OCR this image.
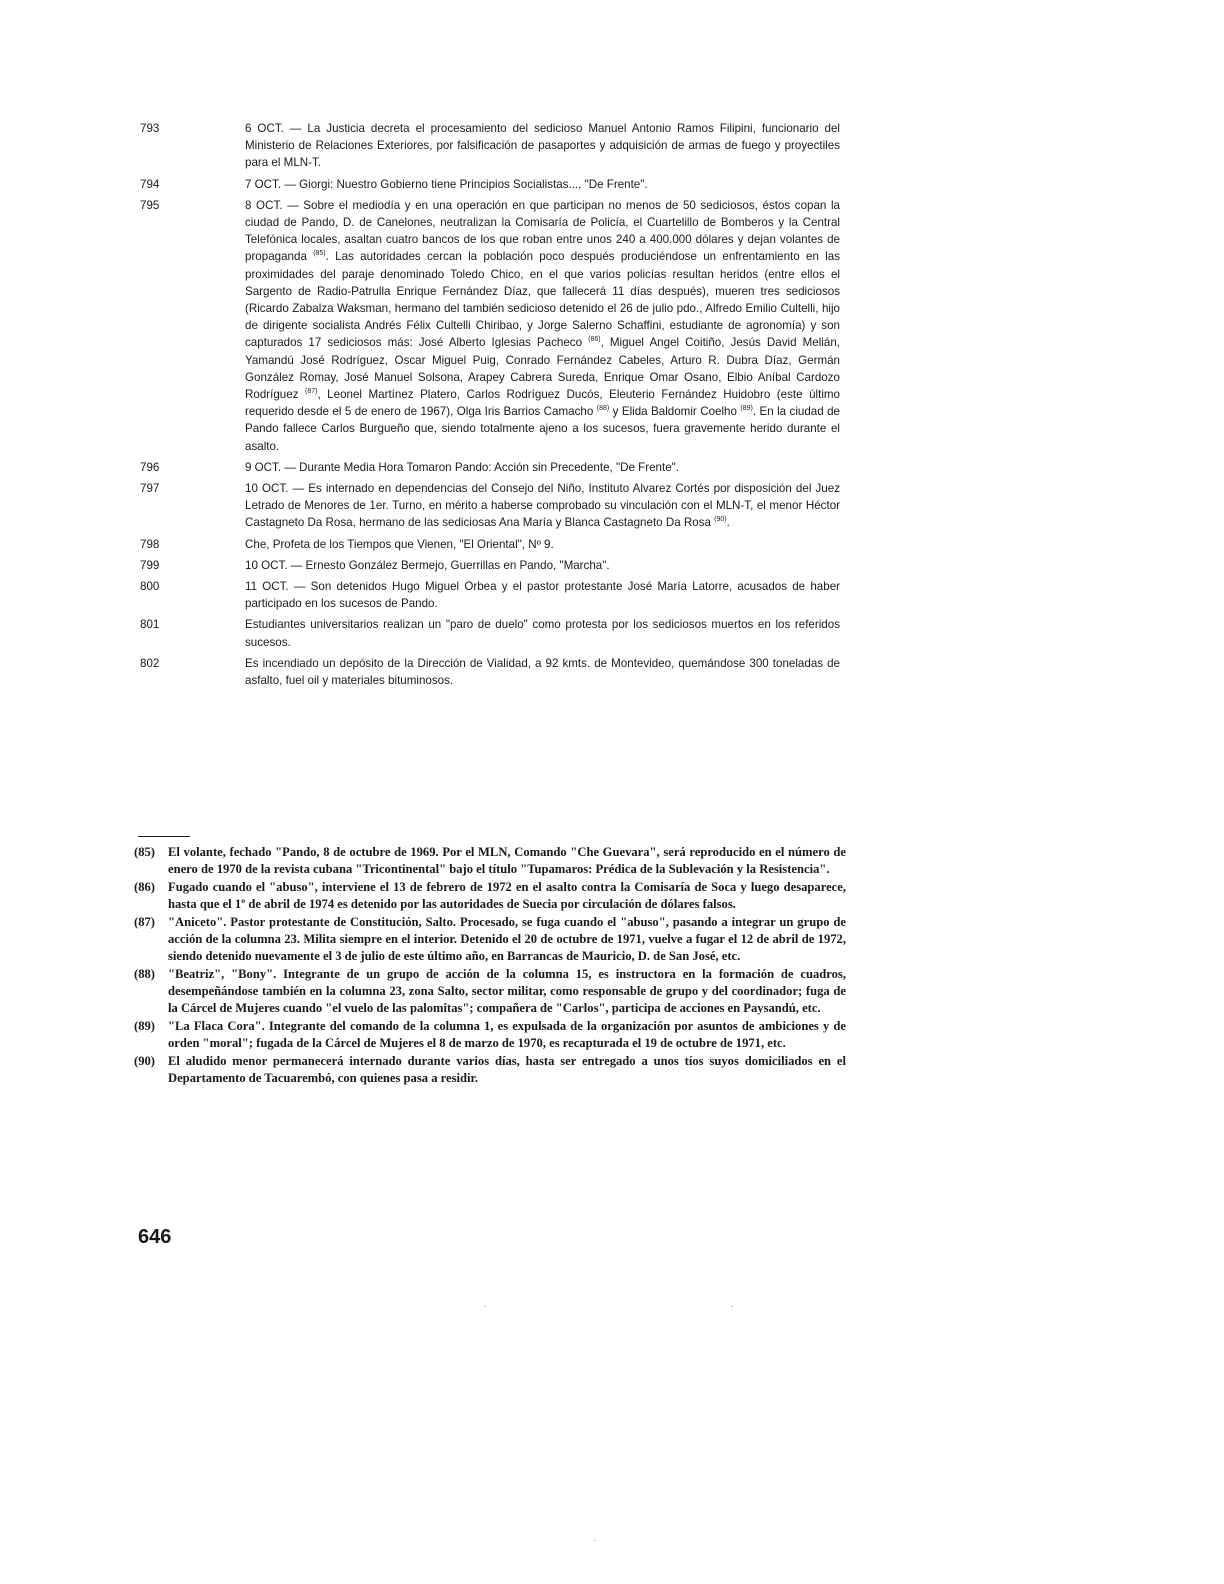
793	6 OCT. — La Justicia decreta el procesamiento del sedicioso Manuel Antonio Ramos Filipini, funcionario del Ministerio de Relaciones Exteriores, por falsificación de pasaportes y adquisición de armas de fuego y proyectiles para el MLN-T.
794	7 OCT. — Giorgi: Nuestro Gobierno tiene Principios Socialistas..., "De Frente".
795	8 OCT. — Sobre el mediodía y en una operación en que participan no menos de 50 sediciosos, éstos copan la ciudad de Pando, D. de Canelones, neutralizan la Comisaría de Policía, el Cuartelillo de Bomberos y la Central Telefónica locales, asaltan cuatro bancos de los que roban entre unos 240 a 400.000 dólares y dejan volantes de propaganda $^{(85)}$. Las autoridades cercan la población poco después produciéndose un enfrentamiento en las proximidades del paraje denominado Toledo Chico, en el que varios policías resultan heridos (entre ellos el Sargento de Radio-Patrulla Enrique Fernández Díaz, que fallecerá 11 días después), mueren tres sediciosos (Ricardo Zabalza Waksman, hermano del también sedicioso detenido el 26 de julio pdo., Alfredo Emilio Cultelli, hijo de dirigente socialista Andrés Félix Cultelli Chiribao, y Jorge Salerno Schaffini, estudiante de agronomía) y son capturados 17 sediciosos más: José Alberto Iglesias Pacheco $^{(86)}$, Miguel Angel Coitiño, Jesús David Melián, Yamandú José Rodríguez, Oscar Miguel Puig, Conrado Fernández Cabeles, Arturo R. Dubra Díaz, Germán González Romay, José Manuel Solsona, Arapey Cabrera Sureda, Enrique Omar Osano, Elbio Aníbal Cardozo Rodríguez $^{(87)}$, Leonel Martínez Platero, Carlos Rodríguez Ducós, Eleuterio Fernández Huidobro (este último requerido desde el 5 de enero de 1967), Olga Iris Barrios Camacho $^{(88)}$ y Elida Baldomir Coelho $^{(89)}$. En la ciudad de Pando fallece Carlos Burgueño que, siendo totalmente ajeno a los sucesos, fuera gravemente herido durante el asalto.
796	9 OCT. — Durante Media Hora Tomaron Pando: Acción sin Precedente, "De Frente".
797	10 OCT. — Es internado en dependencias del Consejo del Niño, Instituto Alvarez Cortés por disposición del Juez Letrado de Menores de 1er. Turno, en mérito a haberse comprobado su vinculación con el MLN-T, el menor Héctor Castagneto Da Rosa, hermano de las sediciosas Ana María y Blanca Castagneto Da Rosa $^{(90)}$.
798	Che, Profeta de los Tiempos que Vienen, "El Oriental", Nº 9.
799	10 OCT. — Ernesto González Bermejo, Guerrillas en Pando, "Marcha".
800	11 OCT. — Son detenidos Hugo Miguel Orbea y el pastor protestante José María Latorre, acusados de haber participado en los sucesos de Pando.
801	Estudiantes universitarios realizan un "paro de duelo" como protesta por los sediciosos muertos en los referidos sucesos.
802	Es incendiado un depósito de la Dirección de Vialidad, a 92 kmts. de Montevideo, quemándose 300 toneladas de asfalto, fuel oil y materiales bituminosos.
(85)	El volante, fechado "Pando, 8 de octubre de 1969. Por el MLN, Comando "Che Guevara", será reproducido en el número de enero de 1970 de la revista cubana "Tricontinental" bajo el título "Tupamaros: Prédica de la Sublevación y la Resistencia".
(86)	Fugado cuando el "abuso", interviene el 13 de febrero de 1972 en el asalto contra la Comisaría de Soca y luego desaparece, hasta que el 1º de abril de 1974 es detenido por las autoridades de Suecia por circulación de dólares falsos.
(87)	"Aniceto". Pastor protestante de Constitución, Salto. Procesado, se fuga cuando el "abuso", pasando a integrar un grupo de acción de la columna 23. Milita siempre en el interior. Detenido el 20 de octubre de 1971, vuelve a fugar el 12 de abril de 1972, siendo detenido nuevamente el 3 de julio de este último año, en Barrancas de Mauricio, D. de San José, etc.
(88)	"Beatriz", "Bony". Integrante de un grupo de acción de la columna 15, es instructora en la formación de cuadros, desempeñándose también en la columna 23, zona Salto, sector militar, como responsable de grupo y del coordinador; fuga de la Cárcel de Mujeres cuando "el vuelo de las palomitas"; compañera de "Carlos", participa de acciones en Paysandú, etc.
(89)	"La Flaca Cora". Integrante del comando de la columna 1, es expulsada de la organización por asuntos de ambiciones y de orden "moral"; fugada de la Cárcel de Mujeres el 8 de marzo de 1970, es recapturada el 19 de octubre de 1971, etc.
(90)	El aludido menor permanecerá internado durante varios días, hasta ser entregado a unos tíos suyos domiciliados en el Departamento de Tacuarembó, con quienes pasa a residir.
646
